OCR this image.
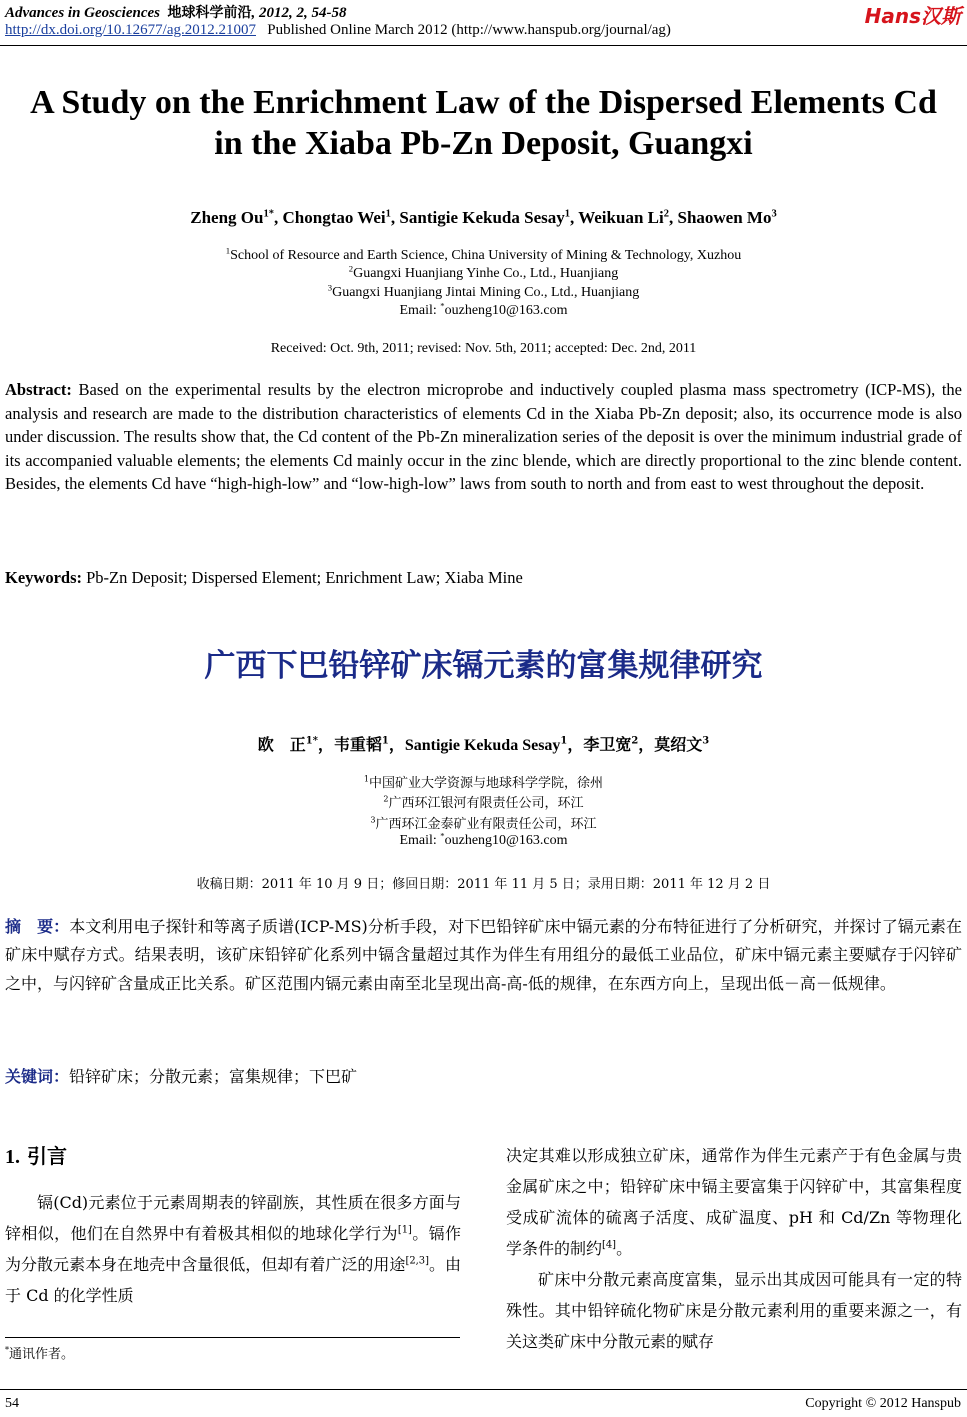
Advances in Geosciences 地球科学前沿, 2012, 2, 54-58
http://dx.doi.org/10.12677/ag.2012.21007 Published Online March 2012 (http://www.hanspub.org/journal/ag)
Hans汉斯
A Study on the Enrichment Law of the Dispersed Elements Cd
in the Xiaba Pb-Zn Deposit, Guangxi
Zheng $Ou^{1*}$, Chongtao Wei$^1$, Santigie Kekuda Sesay$^1$, Weikuan Li$^2$, Shaowen Mo$^3$
$^1$School of Resource and Earth Science, China University of Mining & Technology, Xuzhou
$^2$Guangxi Huanjiang Yinhe Co., Ltd., Huanjiang
$^3$Guangxi Huanjiang Jintai Mining Co., Ltd., Huanjiang
Email: *ouzheng10@163.com
Received: Oct. 9th, 2011; revised: Nov. 5th, 2011; accepted: Dec. 2nd, 2011
Abstract: Based on the experimental results by the electron microprobe and inductively coupled plasma mass spectrometry (ICP-MS), the analysis and research are made to the distribution characteristics of elements Cd in the Xiaba Pb-Zn deposit; also, its occurrence mode is also under discussion. The results show that, the Cd content of the Pb-Zn mineralization series of the deposit is over the minimum industrial grade of its accompanied valuable elements; the elements Cd mainly occur in the zinc blende, which are directly proportional to the zinc blende content. Besides, the elements Cd have “high-high-low” and “low-high-low” laws from south to north and from east to west throughout the deposit.
Keywords: Pb-Zn Deposit; Dispersed Element; Enrichment Law; Xiaba Mine
广西下巴铅锌矿床镉元素的富集规律研究
欧　正$^{1*}$，韦重韬$^1$，Santigie Kekuda Sesay$^1$，李卫宽$^2$，莫绍文$^3$
$^1$中国矿业大学资源与地球科学学院，徐州
$^2$广西环江银河有限责任公司，环江
$^3$广西环江金泰矿业有限责任公司，环江
Email: *ouzheng10@163.com
收稿日期：2011 年 10 月 9 日；修回日期：2011 年 11 月 5 日；录用日期：2011 年 12 月 2 日
摘　要：本文利用电子探针和等离子质谱(ICP-MS)分析手段，对下巴铅锌矿床中镉元素的分布特征进行了分析研究，并探讨了镉元素在矿床中赋存方式。结果表明，该矿床铅锌矿化系列中镉含量超过其作为伴生有用组分的最低工业品位，矿床中镉元素主要赋存于闪锌矿之中，与闪锌矿含量成正比关系。矿区范围内镉元素由南至北呈现出高-高-低的规律，在东西方向上，呈现出低－高－低规律。
关键词：铅锌矿床；分散元素；富集规律；下巴矿
1. 引言

镉(Cd)元素位于元素周期表的锌副族，其性质在很多方面与锌相似，他们在自然界中有着极其相似的地球化学行为[1]。镉作为分散元素本身在地壳中含量很低，但却有着广泛的用途[2,3]。由于 Cd 的化学性质

决定其难以形成独立矿床，通常作为伴生元素产于有色金属与贵金属矿床之中；铅锌矿床中镉主要富集于闪锌矿中，其富集程度受成矿流体的硫离子活度、成矿温度、pH 和 Cd/Zn 等物理化学条件的制约[4]。

矿床中分散元素高度富集，显示出其成因可能具有一定的特殊性。其中铅锌硫化物矿床是分散元素利用的重要来源之一，有关这类矿床中分散元素的赋存

*通讯作者。
54	Copyright © 2012 Hanspub
